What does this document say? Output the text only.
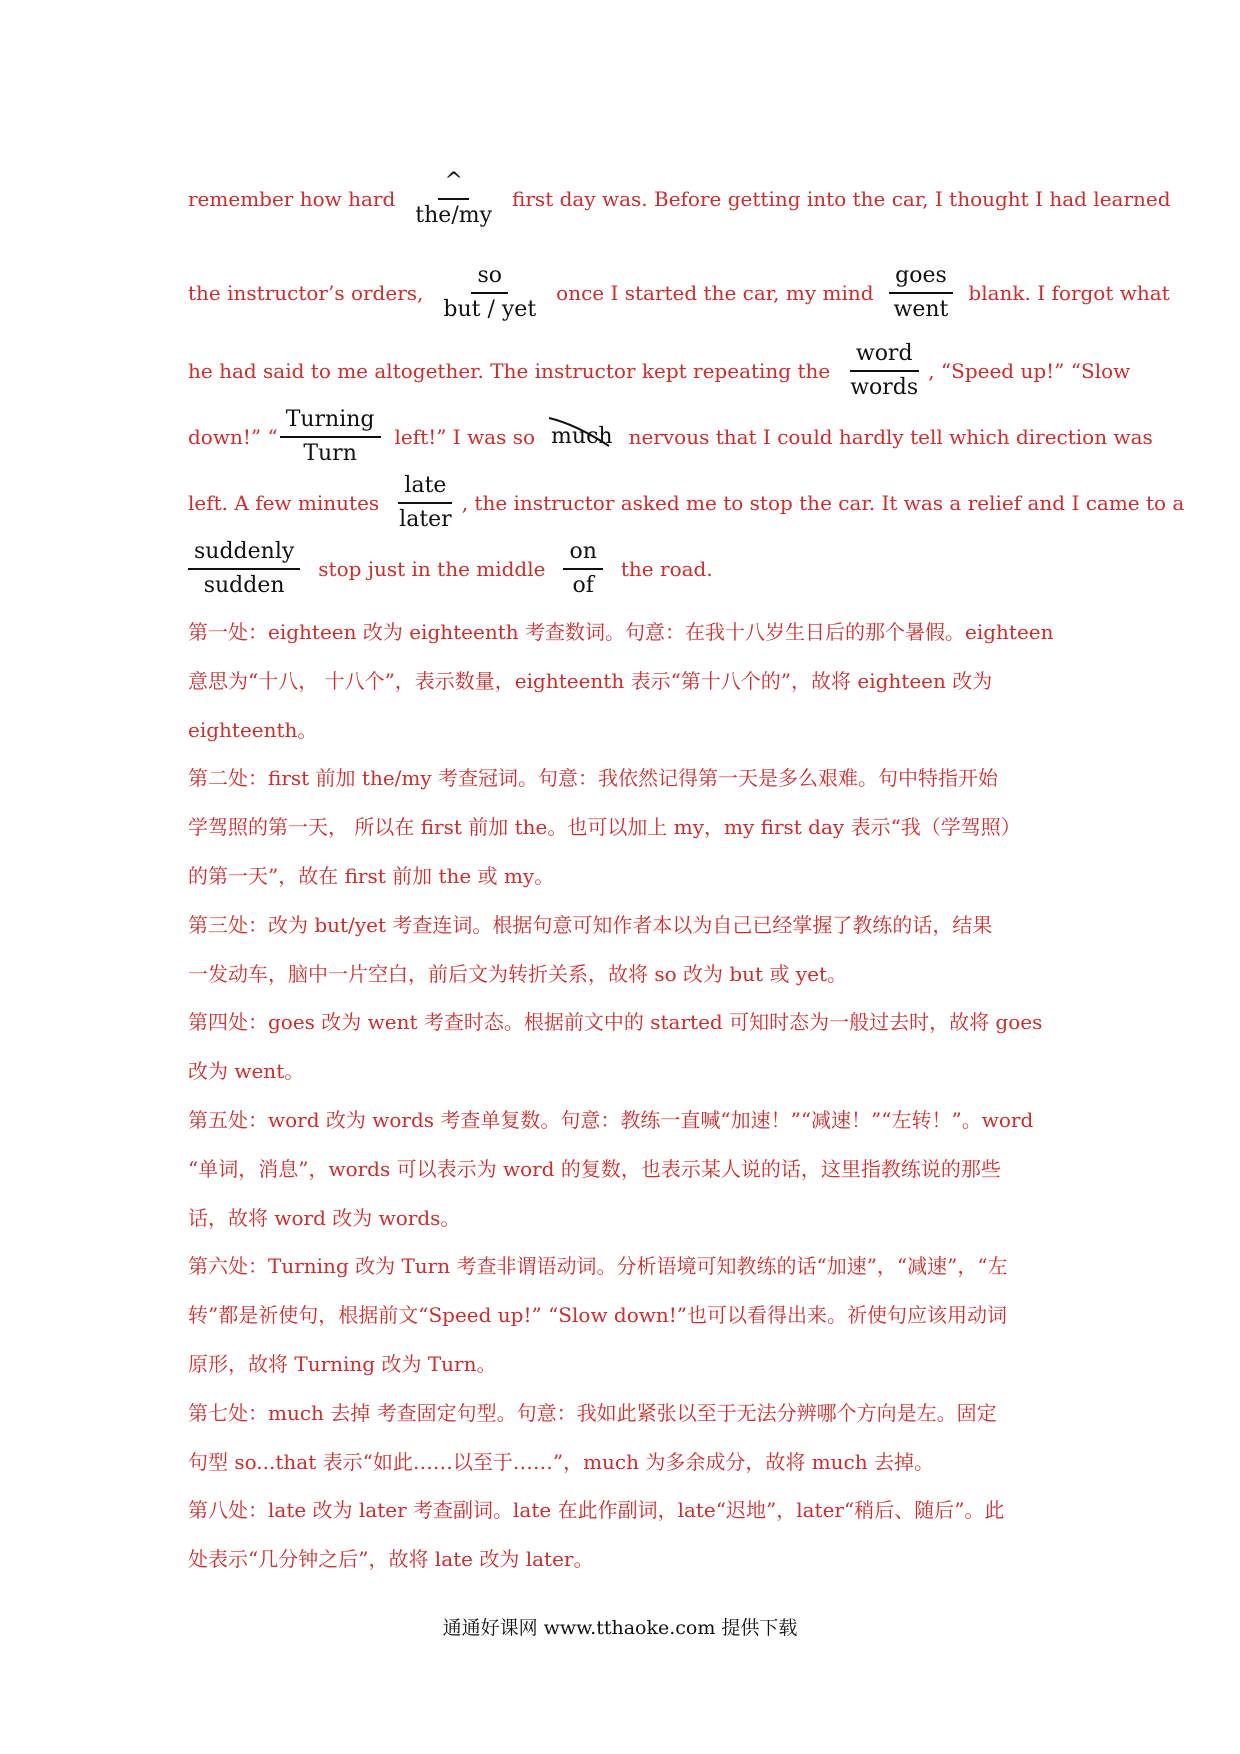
remember how hard $\frac{\^{}}{\text{the/my}}$ first day was. Before getting into the car, I thought I had learned
the instructor’s orders, $\frac{so}{\text{but / yet}}$ once I started the car, my mind $\frac{\text{goes}}{\text{went}}$ blank. I forgot what
he had said to me altogether. The instructor kept repeating the $\frac{\text{word}}{\text{words}}$ , “Speed up!” “Slow
down!” “ $\frac{\text{Turning}}{\text{Turn}}$ left!” I was so much nervous that I could hardly tell which direction was
left. A few minutes $\frac{\text{late}}{\text{later}}$ , the instructor asked me to stop the car. It was a relief and I came to a
$\frac{\text{suddenly}}{\text{sudden}}$ stop just in the middle $\frac{on}{of}$ the road.
第一处：eighteen 改为 eighteenth 考查数词。句意：在我十八岁生日后的那个暑假。eighteen
意思为“十八， 十八个”，表示数量，eighteenth 表示“第十八个的”，故将 eighteen 改为
eighteenth。
第二处：first 前加 the/my 考查冠词。句意：我依然记得第一天是多么艰难。句中特指开始
学驾照的第一天， 所以在 first 前加 the。也可以加上 my，my first day 表示“我（学驾照）
的第一天”，故在 first 前加 the 或 my。
第三处：改为 but/yet 考查连词。根据句意可知作者本以为自己已经掌握了教练的话，结果
一发动车，脑中一片空白，前后文为转折关系，故将 so 改为 but 或 yet。
第四处：goes 改为 went 考查时态。根据前文中的 started 可知时态为一般过去时，故将 goes
改为 went。
第五处：word 改为 words 考查单复数。句意：教练一直喊“加速！”“减速！”“左转！”。word
“单词，消息”，words 可以表示为 word 的复数，也表示某人说的话，这里指教练说的那些
话，故将 word 改为 words。
第六处：Turning 改为 Turn 考查非谓语动词。分析语境可知教练的话“加速”，“减速”，“左
转”都是祈使句，根据前文“Speed up!” “Slow down!”也可以看得出来。祈使句应该用动词
原形，故将 Turning 改为 Turn。
第七处：much 去掉 考查固定句型。句意：我如此紧张以至于无法分辨哪个方向是左。固定
句型 so...that 表示“如此……以至于……”，much 为多余成分，故将 much 去掉。
第八处：late 改为 later 考查副词。late 在此作副词，late“迟地”，later“稍后、随后”。此
处表示“几分钟之后”，故将 late 改为 later。
通通好课网 www.tthaoke.com 提供下载
